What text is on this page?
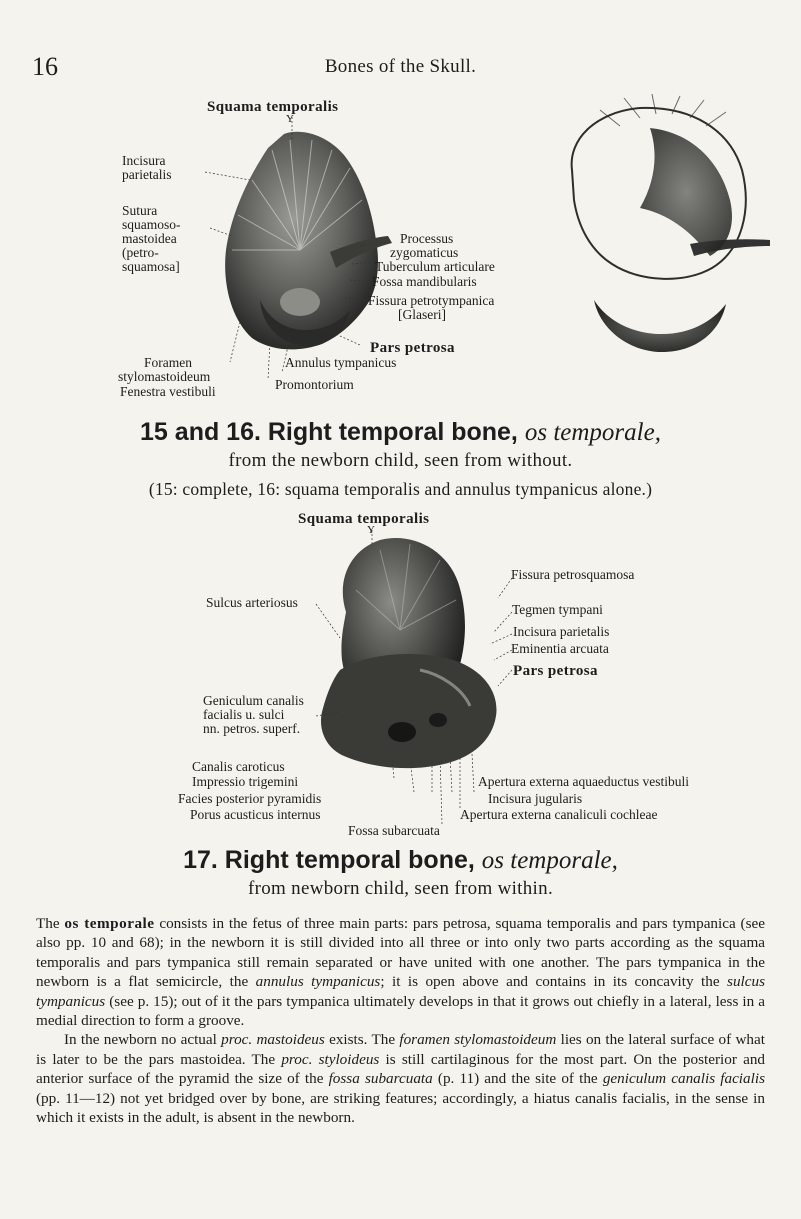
16	Bones of the Skull.
Squama temporalis
Y
Incisura
parietalis
Sutura
squamoso-
mastoidea
(petro-
squamosa]
Processus
zygomaticus
Tuberculum articulare
Fossa mandibularis
Fissura petrotympanica
[Glaseri]
Pars petrosa
Annulus tympanicus
Promontorium
Foramen
stylomastoideum
Fenestra vestibuli
15 and 16. Right temporal bone, os temporale,
from the newborn child, seen from without.
(15: complete, 16: squama temporalis and annulus tympanicus alone.)
Squama temporalis
Y
Fissura petrosquamosa
Sulcus arteriosus	Tegmen tympani
Incisura parietalis
Eminentia arcuata
Pars petrosa
Geniculum canalis
facialis u. sulci
nn. petros. superf.
Canalis caroticus
Impressio trigemini
Facies posterior pyramidis
Porus acusticus internus
Apertura externa aquaeductus vestibuli
Incisura jugularis
Apertura externa canaliculi cochleae
Fossa subarcuata
17. Right temporal bone, os temporale,
from newborn child, seen from within.

The os temporale consists in the fetus of three main parts: pars petrosa, squama temporalis and pars tympanica (see also pp. 10 and 68); in the newborn it is still divided into all three or into only two parts according as the squama temporalis and pars tympanica still remain separated or have united with one another. The pars tympanica in the newborn is a flat semicircle, the annulus tympanicus; it is open above and contains in its concavity the sulcus tympanicus (see p. 15); out of it the pars tympanica ultimately develops in that it grows out chiefly in a lateral, less in a medial direction to form a groove.

In the newborn no actual proc. mastoideus exists. The foramen stylomastoideum lies on the lateral surface of what is later to be the pars mastoidea. The proc. styloideus is still cartilaginous for the most part. On the posterior and anterior surface of the pyramid the size of the fossa subarcuata (p. 11) and the site of the geniculum canalis facialis (pp. 11—12) not yet bridged over by bone, are striking features; accordingly, a hiatus canalis facialis, in the sense in which it exists in the adult, is absent in the newborn.
